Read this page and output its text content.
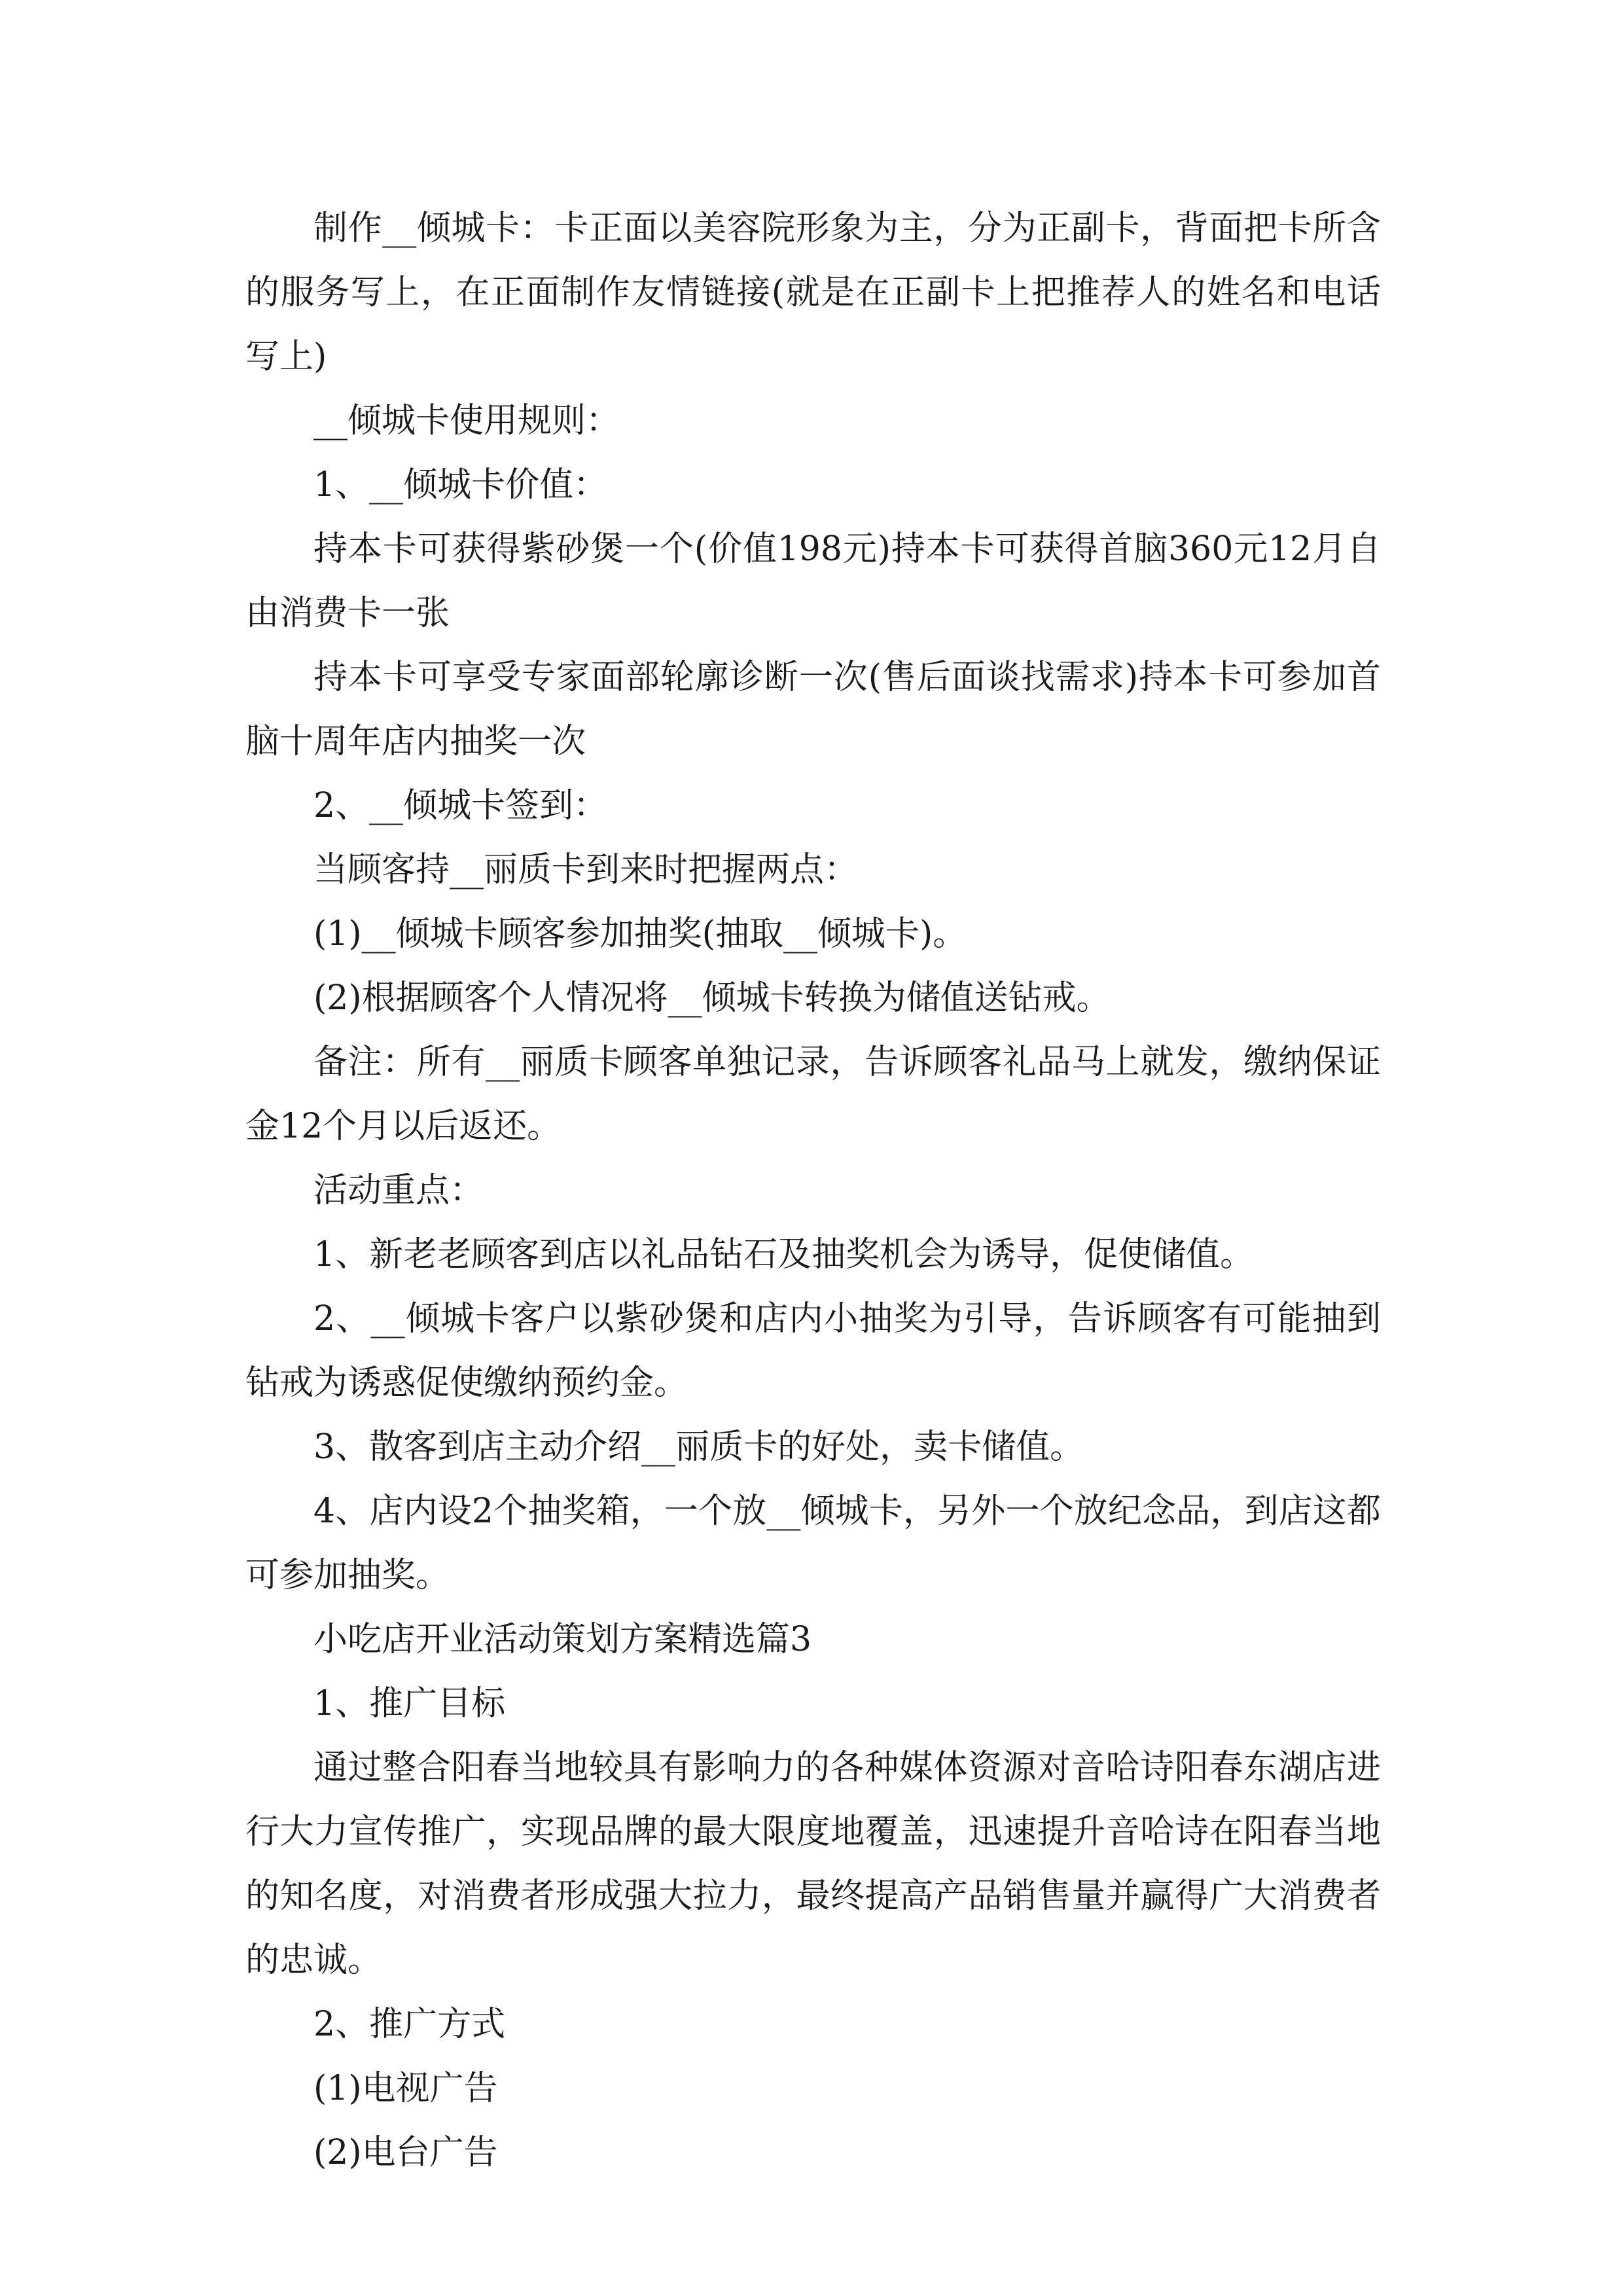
制作__倾城卡：卡正面以美容院形象为主，分为正副卡，背面把卡所含的服务写上，在正面制作友情链接(就是在正副卡上把推荐人的姓名和电话写上)

__倾城卡使用规则：

1、__倾城卡价值：

持本卡可获得紫砂煲一个(价值198元)持本卡可获得首脑360元12月自由消费卡一张

持本卡可享受专家面部轮廓诊断一次(售后面谈找需求)持本卡可参加首脑十周年店内抽奖一次

2、__倾城卡签到：

当顾客持__丽质卡到来时把握两点：

(1)__倾城卡顾客参加抽奖(抽取__倾城卡)。

(2)根据顾客个人情况将__倾城卡转换为储值送钻戒。

备注：所有__丽质卡顾客单独记录，告诉顾客礼品马上就发，缴纳保证金12个月以后返还。

活动重点：

1、新老老顾客到店以礼品钻石及抽奖机会为诱导，促使储值。

2、__倾城卡客户以紫砂煲和店内小抽奖为引导，告诉顾客有可能抽到钻戒为诱惑促使缴纳预约金。

3、散客到店主动介绍__丽质卡的好处，卖卡储值。

4、店内设2个抽奖箱，一个放__倾城卡，另外一个放纪念品，到店这都可参加抽奖。

小吃店开业活动策划方案精选篇3

1、推广目标

通过整合阳春当地较具有影响力的各种媒体资源对音哈诗阳春东湖店进行大力宣传推广，实现品牌的最大限度地覆盖，迅速提升音哈诗在阳春当地的知名度，对消费者形成强大拉力，最终提高产品销售量并赢得广大消费者的忠诚。

2、推广方式

(1)电视广告

(2)电台广告
